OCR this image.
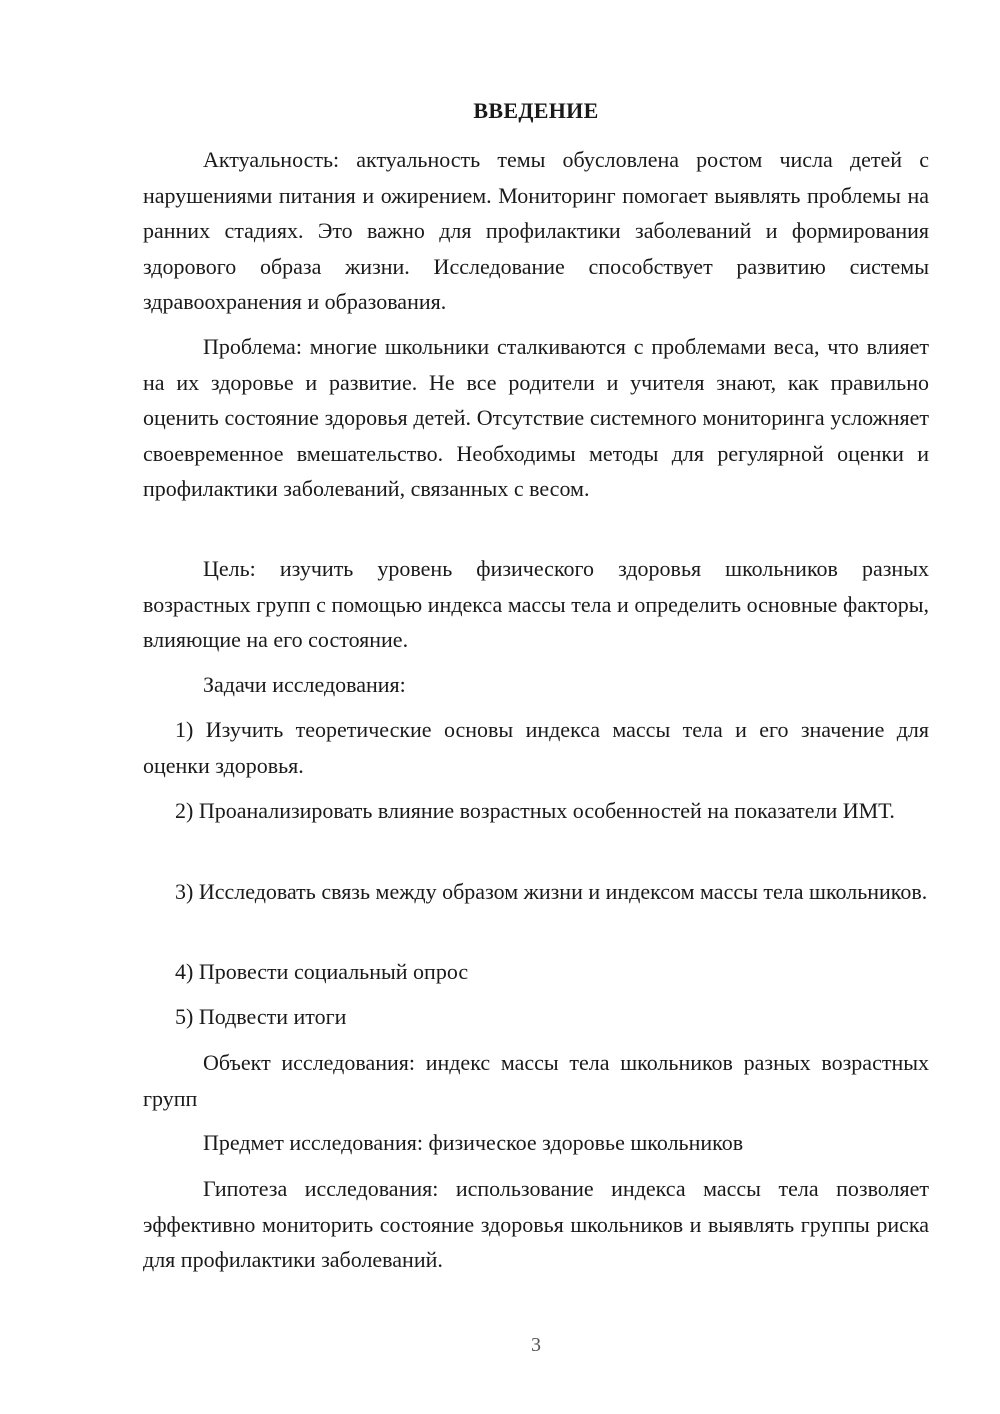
ВВЕДЕНИЕ

Актуальность: актуальность темы обусловлена ростом числа детей с нарушениями питания и ожирением. Мониторинг помогает выявлять проблемы на ранних стадиях. Это важно для профилактики заболеваний и формирования здорового образа жизни. Исследование способствует развитию системы здравоохранения и образования.

Проблема: многие школьники сталкиваются с проблемами веса, что влияет на их здоровье и развитие. Не все родители и учителя знают, как правильно оценить состояние здоровья детей. Отсутствие системного мониторинга усложняет своевременное вмешательство. Необходимы методы для регулярной оценки и профилактики заболеваний, связанных с весом.

Цель: изучить уровень физического здоровья школьников разных возрастных групп с помощью индекса массы тела и определить основные факторы, влияющие на его состояние.

Задачи исследования:

1) Изучить теоретические основы индекса массы тела и его значение для оценки здоровья.

2) Проанализировать влияние возрастных особенностей на показатели ИМТ.

3) Исследовать связь между образом жизни и индексом массы тела школьников.

4) Провести социальный опрос

5) Подвести итоги

Объект исследования: индекс массы тела школьников разных возрастных групп

Предмет исследования: физическое здоровье школьников

Гипотеза исследования: использование индекса массы тела позволяет эффективно мониторить состояние здоровья школьников и выявлять группы риска для профилактики заболеваний.

3
